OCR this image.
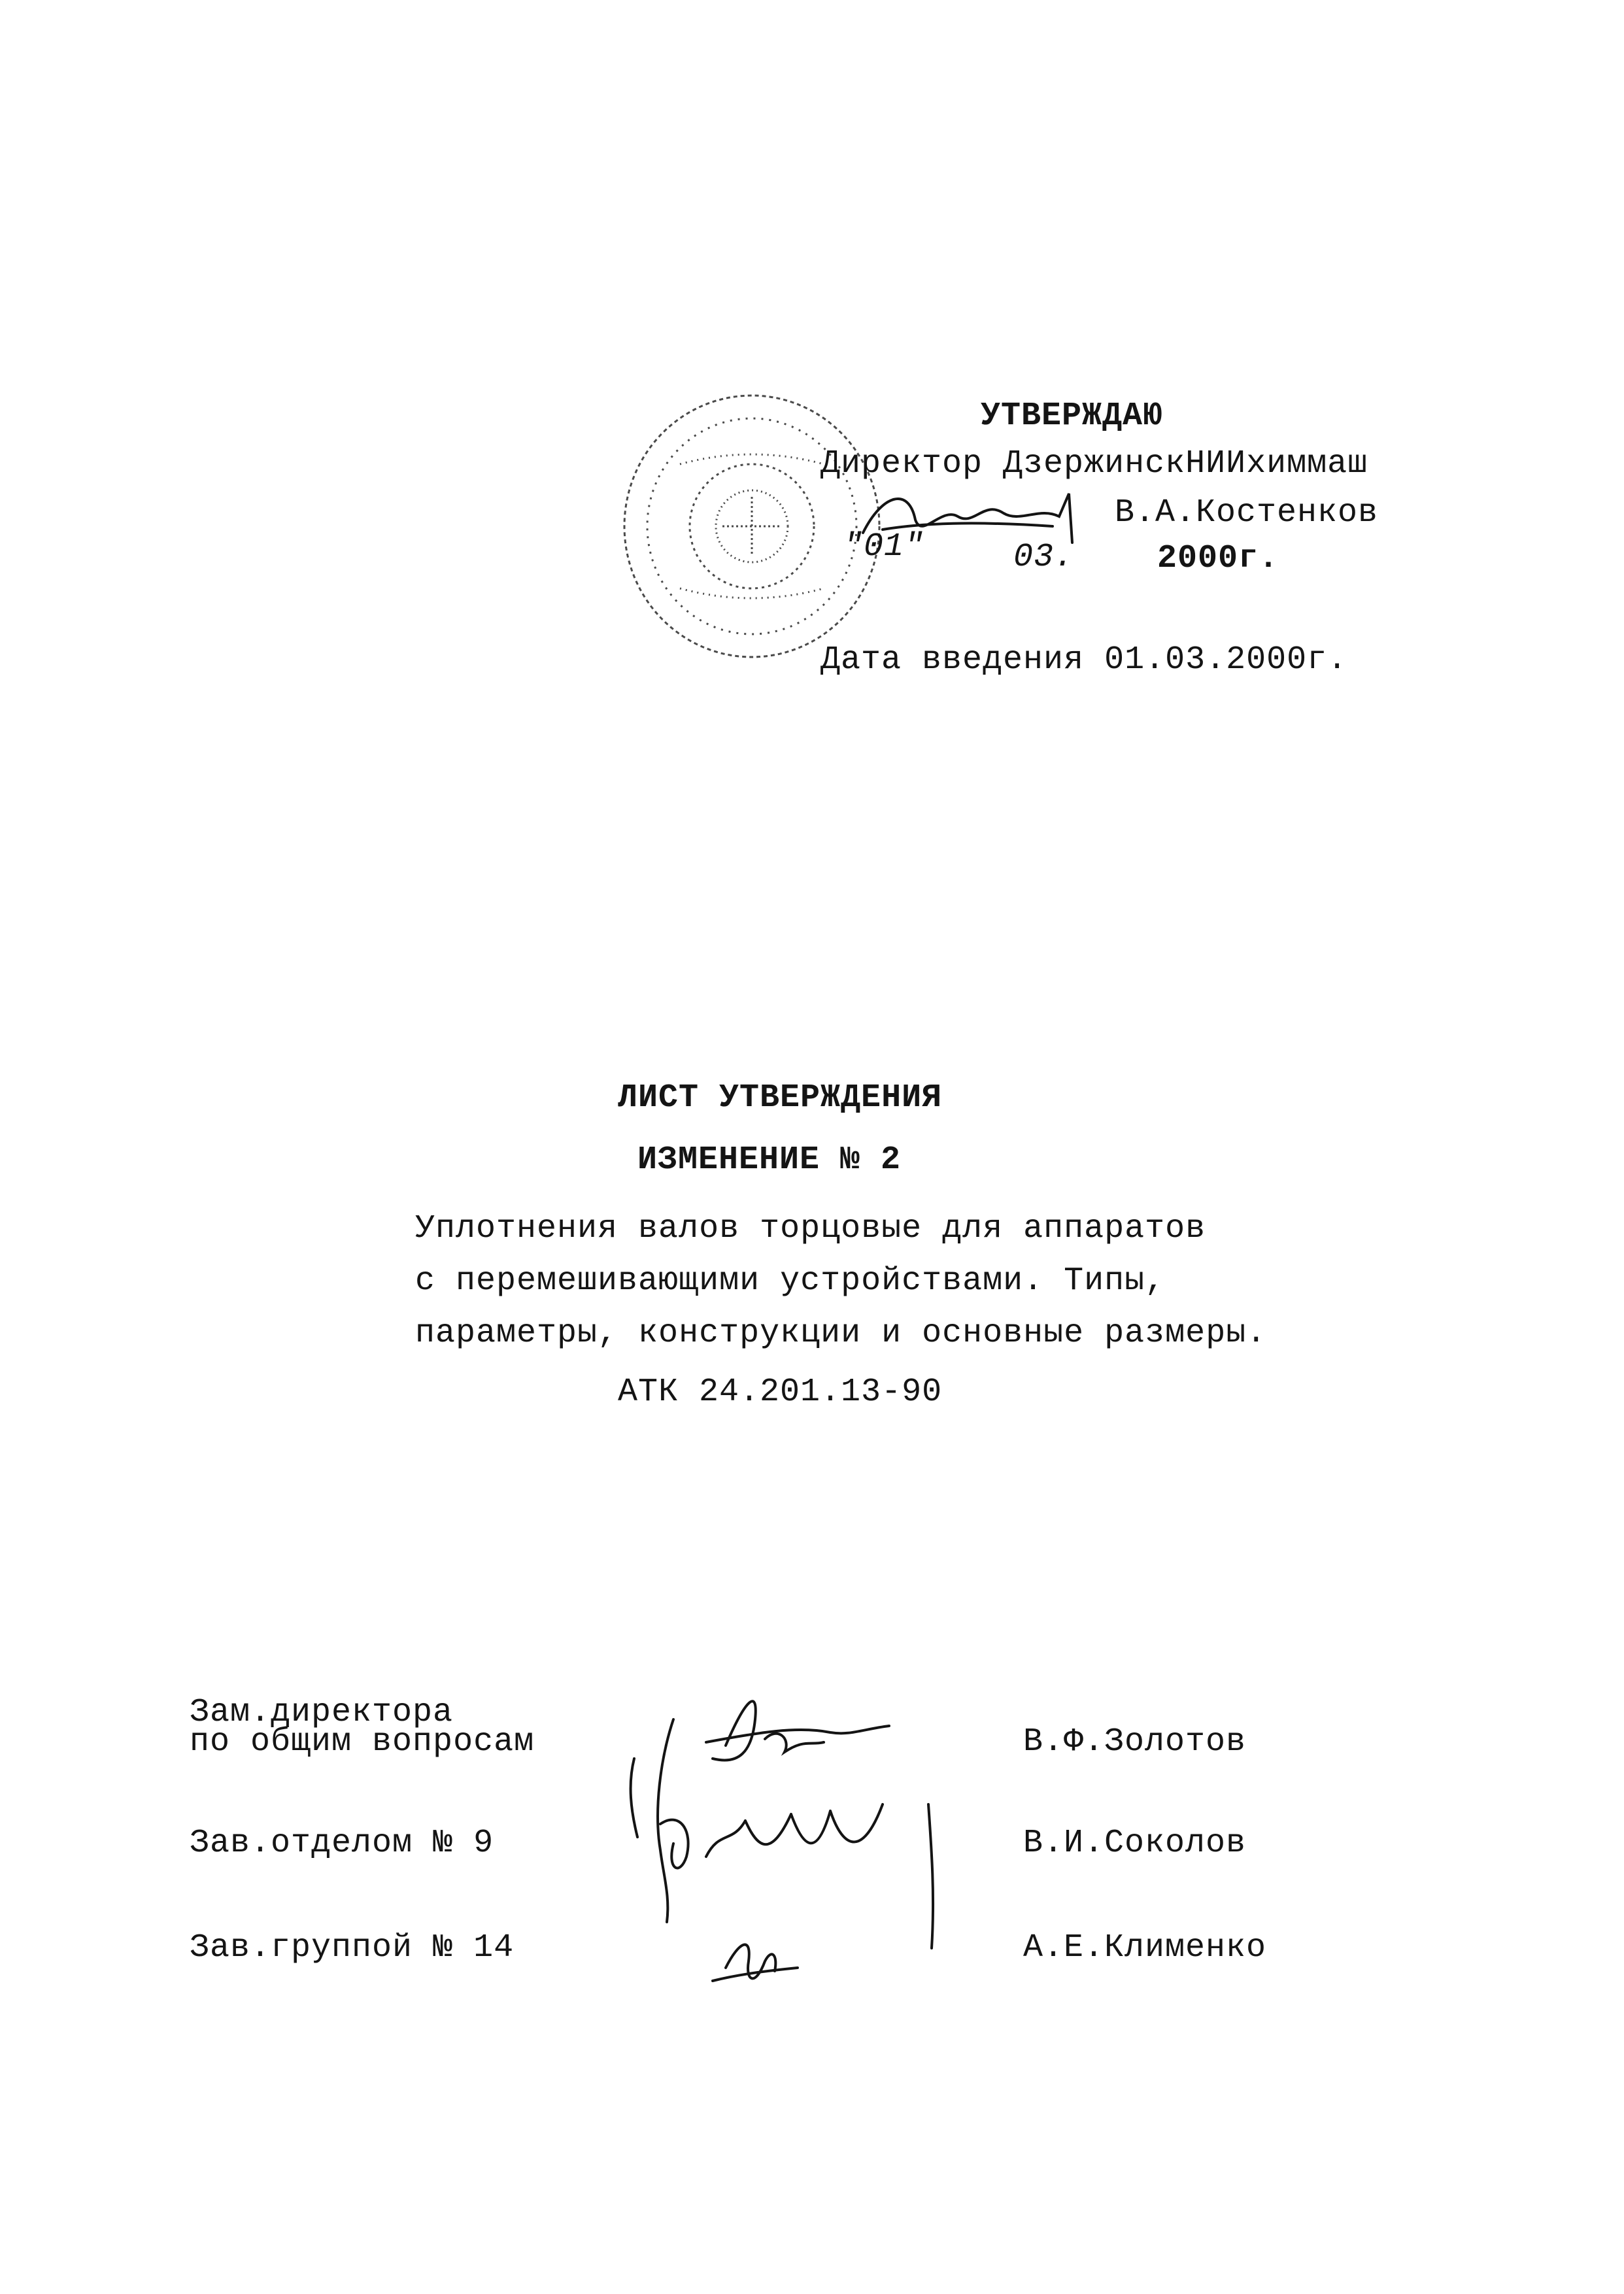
УТВЕРЖДАЮ
Директор ДзержинскНИИхиммаш
В.А.Костенков
"01"	03.	2000г.
Дата введения 01.03.2000г.
ЛИСТ УТВЕРЖДЕНИЯ
ИЗМЕНЕНИЕ № 2
Уплотнения валов торцовые для аппаратов
с перемешивающими устройствами. Типы,
параметры, конструкции и основные размеры.
АТК 24.201.13-90
Зам.директора
по общим вопросам	В.Ф.Золотов
Зав.отделом № 9	В.И.Соколов
Зав.группой № 14	А.Е.Клименко
